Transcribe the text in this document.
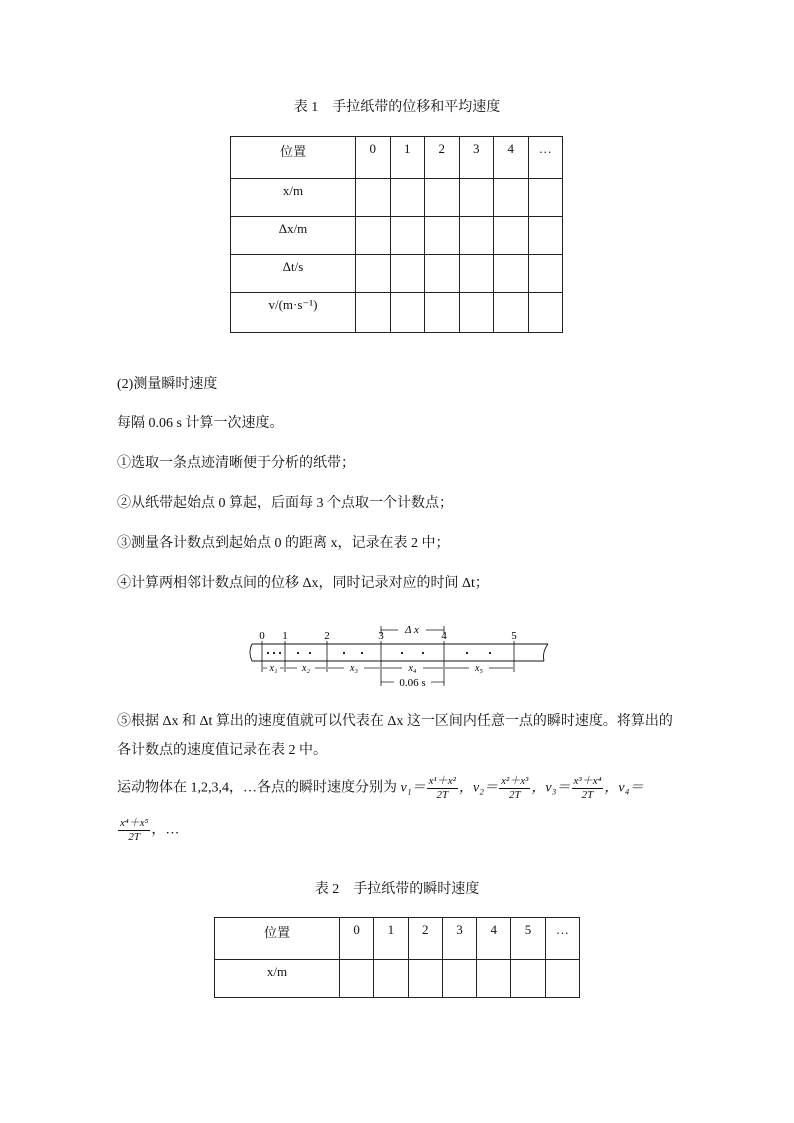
表 1　手拉纸带的位移和平均速度
位置	0	1	2	3	4	…
x/m						
Δx/m						
Δt/s						
v/(m·s⁻¹)						
(2)测量瞬时速度
每隔 0.06 s 计算一次速度。
①选取一条点迹清晰便于分析的纸带；
②从纸带起始点 0 算起，后面每 3 个点取一个计数点；
③测量各计数点到起始点 0 的距离 x，记录在表 2 中；
④计算两相邻计数点间的位移 Δx，同时记录对应的时间 Δt；
Δ x
0 1	2	3	4	5
x₁ x₂	x₃	x₄	x₅
0.06 s
⑤根据 Δx 和 Δt 算出的速度值就可以代表在 Δx 这一区间内任意一点的瞬时速度。将算出的
各计数点的速度值记录在表 2 中。
运动物体在 1,2,3,4，…各点的瞬时速度分别为 $v_1= \frac{\text{x¹＋x²}}{2T}$ ，$v_2= \frac{\text{x²＋x³}}{2T}$ ，$v_3= \frac{\text{x³＋x⁴}}{2T}$ ，v₄＝
$\frac{\text{x⁴＋x⁵}}{2T}$ ，…
表 2　手拉纸带的瞬时速度
位置	0	1	2	3	4	5	…
x/m							
